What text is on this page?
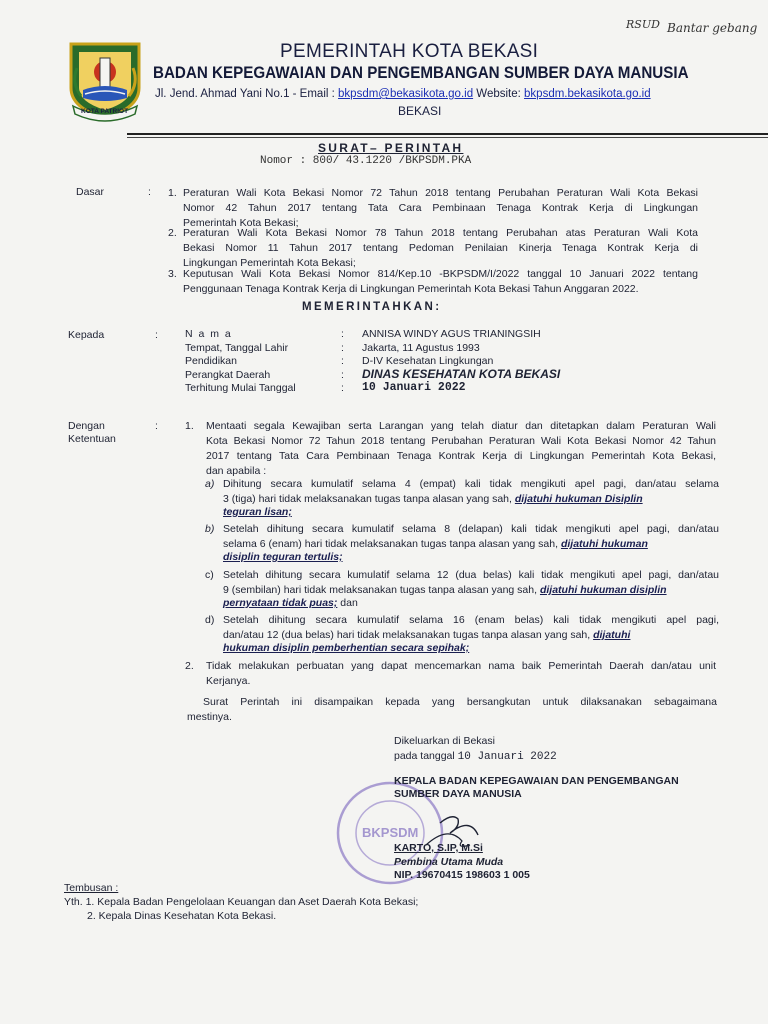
RSUD Bantar gebang
KOTA PATRIOT
PEMERINTAH KOTA BEKASI
BADAN KEPEGAWAIAN DAN PENGEMBANGAN SUMBER DAYA MANUSIA
Jl. Jend. Ahmad Yani No.1 - Email : bkpsdm@bekasikota.go.id Website: bkpsdm.bekasikota.go.id
BEKASI
SURAT– PERINTAH
Nomor : 800/ 43.1220 /BKPSDM.PKA
Dasar	: 1. Peraturan Wali Kota Bekasi Nomor 72 Tahun 2018 tentang Perubahan Peraturan Wali Kota Bekasi
Nomor 42 Tahun 2017 tentang Tata Cara Pembinaan Tenaga Kontrak Kerja di Lingkungan
Pemerintah Kota Bekasi;
2. Peraturan Wali Kota Bekasi Nomor 78 Tahun 2018 tentang Perubahan atas Peraturan Wali Kota
Bekasi Nomor 11 Tahun 2017 tentang Pedoman Penilaian Kinerja Tenaga Kontrak Kerja di
Lingkungan Pemerintah Kota Bekasi;
3. Keputusan Wali Kota Bekasi Nomor 814/Kep.10 -BKPSDM/I/2022 tanggal 10 Januari 2022 tentang
Penggunaan Tenaga Kontrak Kerja di Lingkungan Pemerintah Kota Bekasi Tahun Anggaran 2022.
MEMERINTAHKAN:
Kepada	:	N a m a	: ANNISA WINDY AGUS TRIANINGSIH
Tempat, Tanggal Lahir	: Jakarta, 11 Agustus 1993
Pendidikan	: D-IV Kesehatan Lingkungan
Perangkat Daerah	: DINAS KESEHATAN KOTA BEKASI
Terhitung Mulai Tanggal	: 10 Januari 2022
Dengan
Ketentuan
:	1. Mentaati segala Kewajiban serta Larangan yang telah diatur dan ditetapkan dalam Peraturan Wali
Kota Bekasi Nomor 72 Tahun 2018 tentang Perubahan Peraturan Wali Kota Bekasi Nomor 42 Tahun
2017 tentang Tata Cara Pembinaan Tenaga Kontrak Kerja di Lingkungan Pemerintah Kota Bekasi,
dan apabila :
a) Dihitung secara kumulatif selama 4 (empat) kali tidak mengikuti apel pagi, dan/atau selama
3 (tiga) hari tidak melaksanakan tugas tanpa alasan yang sah, dijatuhi hukuman Disiplin
teguran lisan;
b) Setelah dihitung secara kumulatif selama 8 (delapan) kali tidak mengikuti apel pagi, dan/atau
selama 6 (enam) hari tidak melaksanakan tugas tanpa alasan yang sah, dijatuhi hukuman
disiplin teguran tertulis;
c) Setelah dihitung secara kumulatif selama 12 (dua belas) kali tidak mengikuti apel pagi, dan/atau
9 (sembilan) hari tidak melaksanakan tugas tanpa alasan yang sah, dijatuhi hukuman disiplin
pernyataan tidak puas; dan
d) Setelah dihitung secara kumulatif selama 16 (enam belas) kali tidak mengikuti apel pagi,
dan/atau 12 (dua belas) hari tidak melaksanakan tugas tanpa alasan yang sah, dijatuhi
hukuman disiplin pemberhentian secara sepihak;
2. Tidak melakukan perbuatan yang dapat mencemarkan nama baik Pemerintah Daerah dan/atau unit
Kerjanya.
Surat Perintah ini disampaikan kepada yang bersangkutan untuk dilaksanakan sebagaimana
mestinya.
BKPSDM
Dikeluarkan di Bekasi
pada tanggal 10 Januari 2022
KEPALA BADAN KEPEGAWAIAN DAN PENGEMBANGAN
SUMBER DAYA MANUSIA
KARTO, S.IP, M.Si
Pembina Utama Muda
NIP. 19670415 198603 1 005
Tembusan :
Yth. 1. Kepala Badan Pengelolaan Keuangan dan Aset Daerah Kota Bekasi;
2. Kepala Dinas Kesehatan Kota Bekasi.
